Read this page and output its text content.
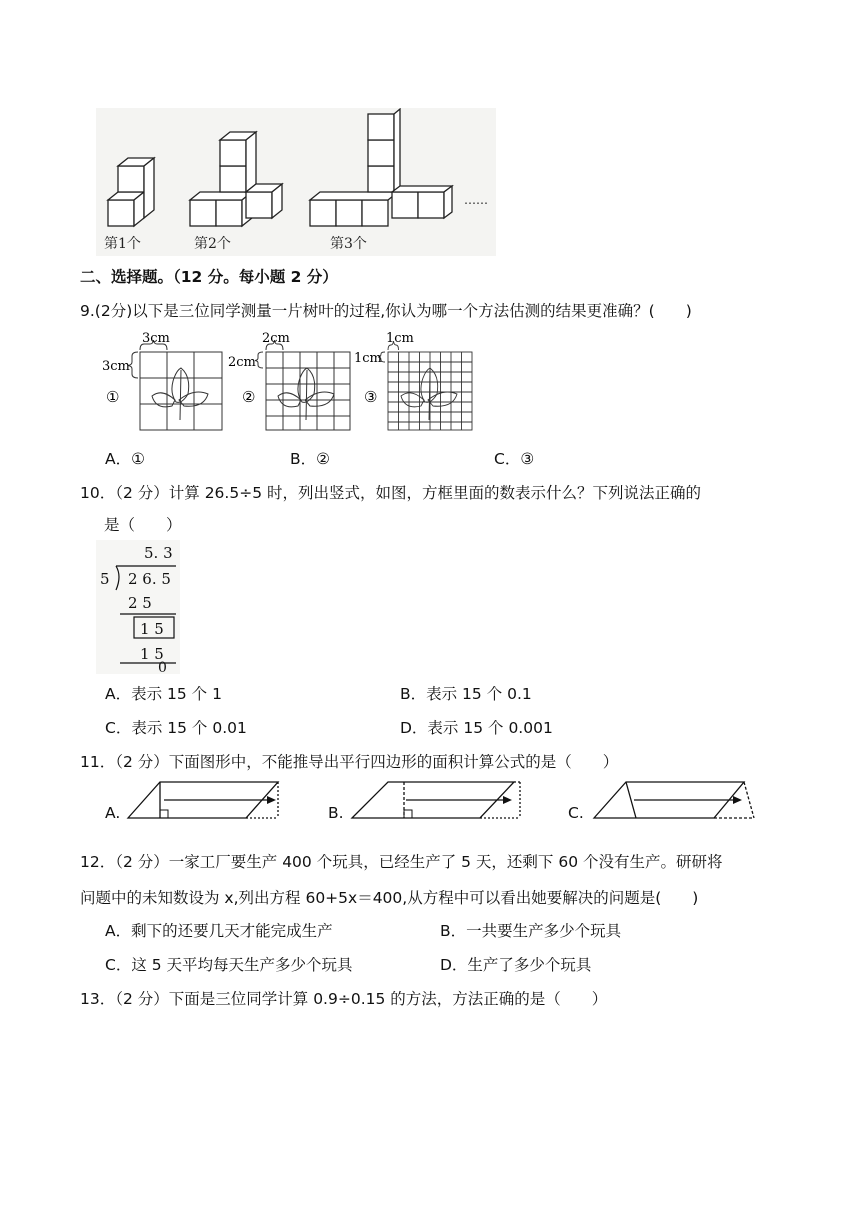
第1个	第2个	第3个
……
二、选择题。（12 分。每小题 2 分）
9.(2分)以下是三位同学测量一片树叶的过程,你认为哪一个方法估测的结果更准确？(　　)
3cm
3cm
①
2cm
2cm
②
1cm
1cm
③
A．①	B．②	C．③
10．（2 分）计算 26.5÷5 时，列出竖式，如图，方框里面的数表示什么？下列说法正确的
是（　　）
5. 3
5 2 6. 5
2 5
1 5
1 5
0
A．表示 15 个 1	B．表示 15 个 0.1
C．表示 15 个 0.01	D．表示 15 个 0.001
11．（2 分）下面图形中，不能推导出平行四边形的面积计算公式的是（　　）
A.	B.	C.
12．（2 分）一家工厂要生产 400 个玩具，已经生产了 5 天，还剩下 60 个没有生产。研研将
问题中的未知数设为 x,列出方程 60+5x＝400,从方程中可以看出她要解决的问题是(　　)
A．剩下的还要几天才能完成生产	B．一共要生产多少个玩具
C．这 5 天平均每天生产多少个玩具	D．生产了多少个玩具
13．（2 分）下面是三位同学计算 0.9÷0.15 的方法，方法正确的是（　　）
